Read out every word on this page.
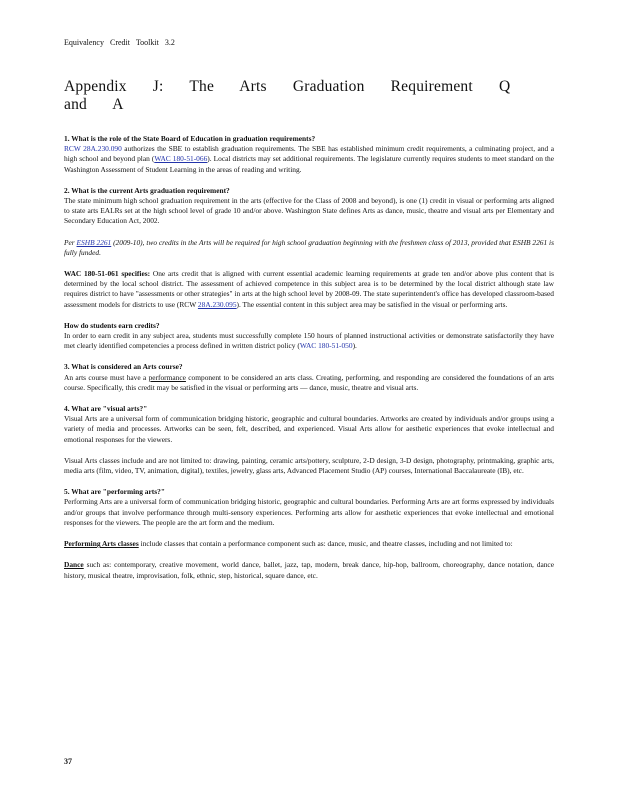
Equivalency Credit Toolkit 3.2
Appendix J: The Arts Graduation Requirement Q and A
1. What is the role of the State Board of Education in graduation requirements?

RCW 28A.230.090 authorizes the SBE to establish graduation requirements. The SBE has established minimum credit requirements, a culminating project, and a high school and beyond plan (WAC 180-51-066). Local districts may set additional requirements. The legislature currently requires students to meet standard on the Washington Assessment of Student Learning in the areas of reading and writing.

2. What is the current Arts graduation requirement?

The state minimum high school graduation requirement in the arts (effective for the Class of 2008 and beyond), is one (1) credit in visual or performing arts aligned to state arts EALRs set at the high school level of grade 10 and/or above. Washington State defines Arts as dance, music, theatre and visual arts per Elementary and Secondary Education Act, 2002.

Per ESHB 2261 (2009-10), two credits in the Arts will be required for high school graduation beginning with the freshmen class of 2013, provided that ESHB 2261 is fully funded.

WAC 180-51-061 specifies: One arts credit that is aligned with current essential academic learning requirements at grade ten and/or above plus content that is determined by the local school district. The assessment of achieved competence in this subject area is to be determined by the local district although state law requires district to have "assessments or other strategies" in arts at the high school level by 2008-09. The state superintendent's office has developed classroom-based assessment models for districts to use (RCW 28A.230.095). The essential content in this subject area may be satisfied in the visual or performing arts.

How do students earn credits?

In order to earn credit in any subject area, students must successfully complete 150 hours of planned instructional activities or demonstrate satisfactorily they have met clearly identified competencies a process defined in written district policy (WAC 180-51-050).

3. What is considered an Arts course?

An arts course must have a performance component to be considered an arts class. Creating, performing, and responding are considered the foundations of an arts course. Specifically, this credit may be satisfied in the visual or performing arts — dance, music, theatre and visual arts.

4. What are "visual arts?"

Visual Arts are a universal form of communication bridging historic, geographic and cultural boundaries. Artworks are created by individuals and/or groups using a variety of media and processes. Artworks can be seen, felt, described, and experienced. Visual Arts allow for aesthetic experiences that evoke intellectual and emotional responses for the viewers.

Visual Arts classes include and are not limited to: drawing, painting, ceramic arts/pottery, sculpture, 2-D design, 3-D design, photography, printmaking, graphic arts, media arts (film, video, TV, animation, digital), textiles, jewelry, glass arts, Advanced Placement Studio (AP) courses, International Baccalaureate (IB), etc.

5. What are "performing arts?"

Performing Arts are a universal form of communication bridging historic, geographic and cultural boundaries. Performing Arts are art forms expressed by individuals and/or groups that involve performance through multi-sensory experiences. Performing arts allow for aesthetic experiences that evoke intellectual and emotional responses for the viewers. The people are the art form and the medium.

Performing Arts classes include classes that contain a performance component such as: dance, music, and theatre classes, including and not limited to:

Dance such as: contemporary, creative movement, world dance, ballet, jazz, tap, modern, break dance, hip-hop, ballroom, choreography, dance notation, dance history, musical theatre, improvisation, folk, ethnic, step, historical, square dance, etc.

37
